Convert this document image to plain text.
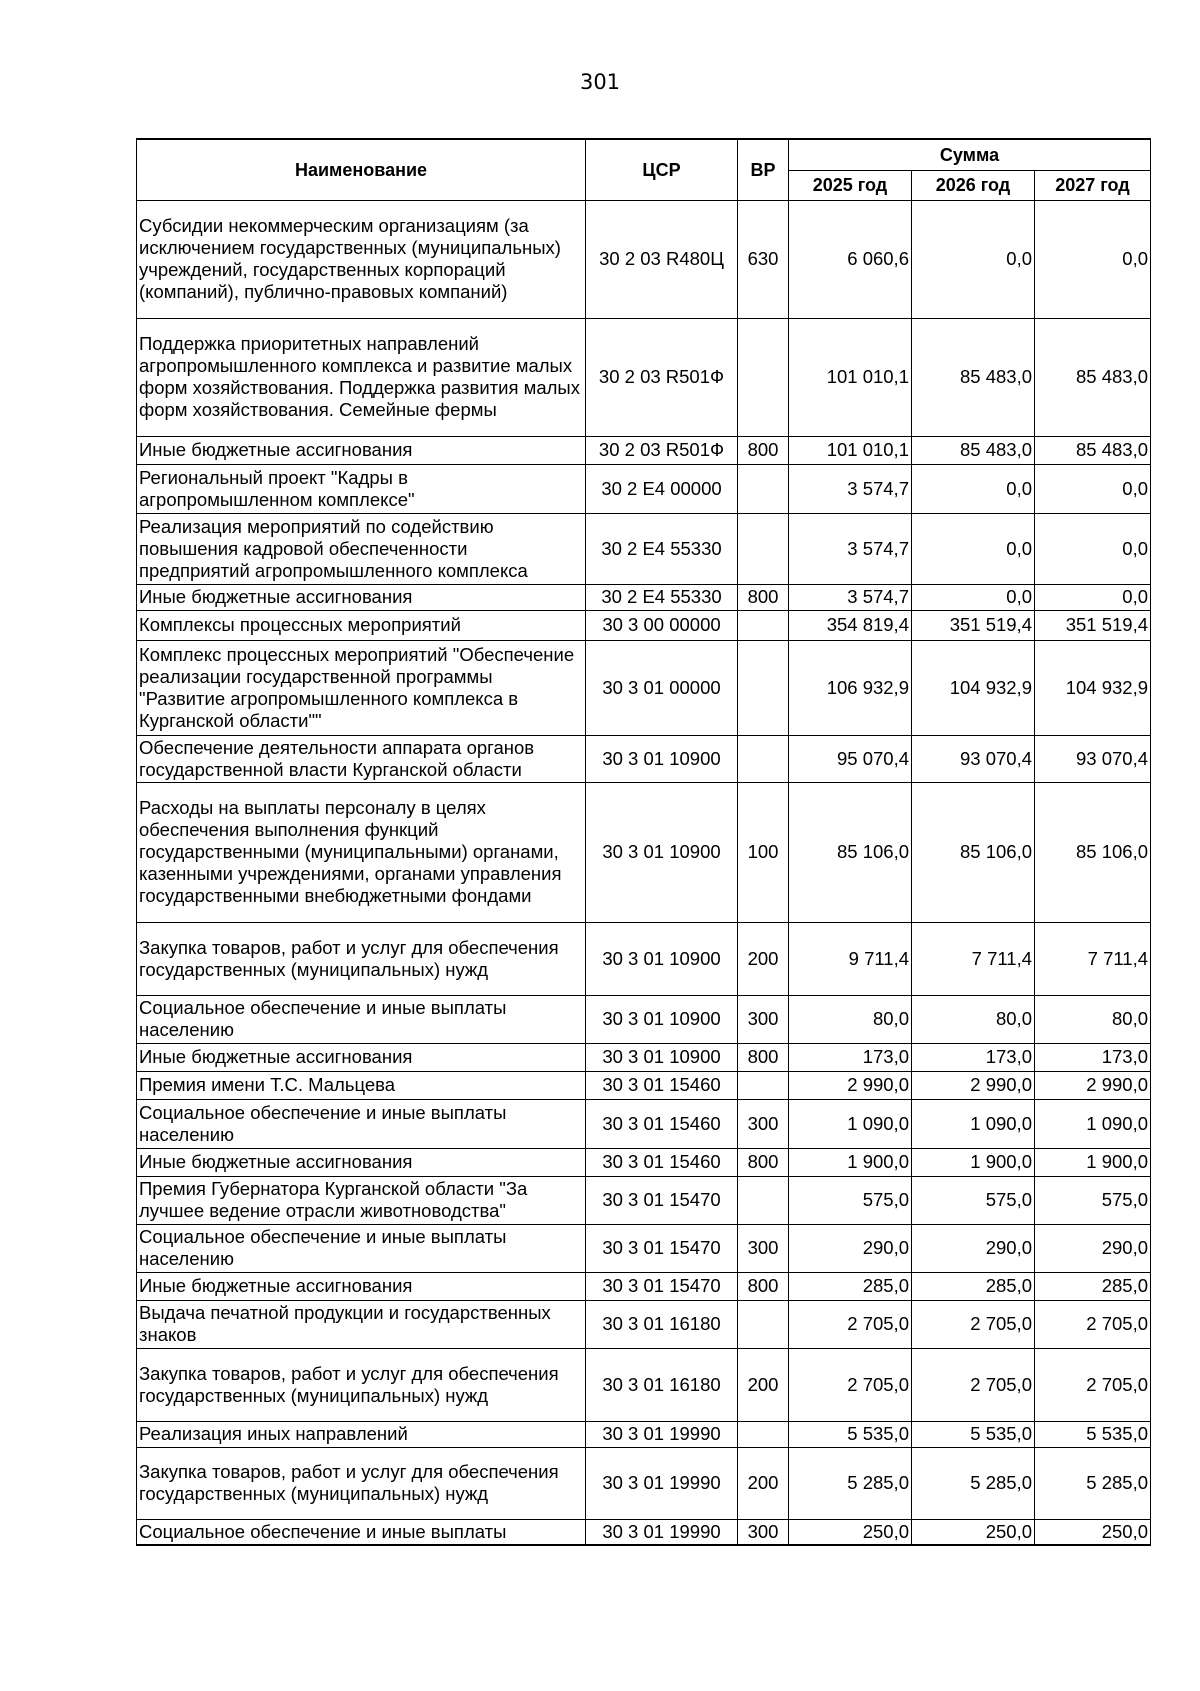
301
Наименование	ЦСР	ВР	Сумма		
			2025 год	2026 год	2027 год
Субсидии некоммерческим организациям (за исключением государственных (муниципальных) учреждений, государственных корпораций (компаний), публично-правовых компаний)	30 2 03 R480Ц	630	6 060,6	0,0	0,0
Поддержка приоритетных направлений агропромышленного комплекса и развитие малых форм хозяйствования. Поддержка развития малых форм хозяйствования. Семейные фермы	30 2 03 R501Ф		101 010,1	85 483,0	85 483,0
Иные бюджетные ассигнования	30 2 03 R501Ф	800	101 010,1	85 483,0	85 483,0
Региональный проект "Кадры в агропромышленном комплексе"	30 2 E4 00000		3 574,7	0,0	0,0
Реализация мероприятий по содействию повышения кадровой обеспеченности предприятий агропромышленного комплекса	30 2 E4 55330		3 574,7	0,0	0,0
Иные бюджетные ассигнования	30 2 E4 55330	800	3 574,7	0,0	0,0
Комплексы процессных мероприятий	30 3 00 00000		354 819,4	351 519,4	351 519,4
Комплекс процессных мероприятий "Обеспечение реализации государственной программы "Развитие агропромышленного комплекса в Курганской области""	30 3 01 00000		106 932,9	104 932,9	104 932,9
Обеспечение деятельности аппарата органов государственной власти Курганской области	30 3 01 10900		95 070,4	93 070,4	93 070,4
Расходы на выплаты персоналу в целях обеспечения выполнения функций государственными (муниципальными) органами, казенными учреждениями, органами управления государственными внебюджетными фондами	30 3 01 10900	100	85 106,0	85 106,0	85 106,0
Закупка товаров, работ и услуг для обеспечения государственных (муниципальных) нужд	30 3 01 10900	200	9 711,4	7 711,4	7 711,4
Социальное обеспечение и иные выплаты населению	30 3 01 10900	300	80,0	80,0	80,0
Иные бюджетные ассигнования	30 3 01 10900	800	173,0	173,0	173,0
Премия имени Т.С. Мальцева	30 3 01 15460		2 990,0	2 990,0	2 990,0
Социальное обеспечение и иные выплаты населению	30 3 01 15460	300	1 090,0	1 090,0	1 090,0
Иные бюджетные ассигнования	30 3 01 15460	800	1 900,0	1 900,0	1 900,0
Премия Губернатора Курганской области "За лучшее ведение отрасли животноводства"	30 3 01 15470		575,0	575,0	575,0
Социальное обеспечение и иные выплаты населению	30 3 01 15470	300	290,0	290,0	290,0
Иные бюджетные ассигнования	30 3 01 15470	800	285,0	285,0	285,0
Выдача печатной продукции и государственных знаков	30 3 01 16180		2 705,0	2 705,0	2 705,0
Закупка товаров, работ и услуг для обеспечения государственных (муниципальных) нужд	30 3 01 16180	200	2 705,0	2 705,0	2 705,0
Реализация иных направлений	30 3 01 19990		5 535,0	5 535,0	5 535,0
Закупка товаров, работ и услуг для обеспечения государственных (муниципальных) нужд	30 3 01 19990	200	5 285,0	5 285,0	5 285,0
Социальное обеспечение и иные выплаты	30 3 01 19990	300	250,0	250,0	250,0
